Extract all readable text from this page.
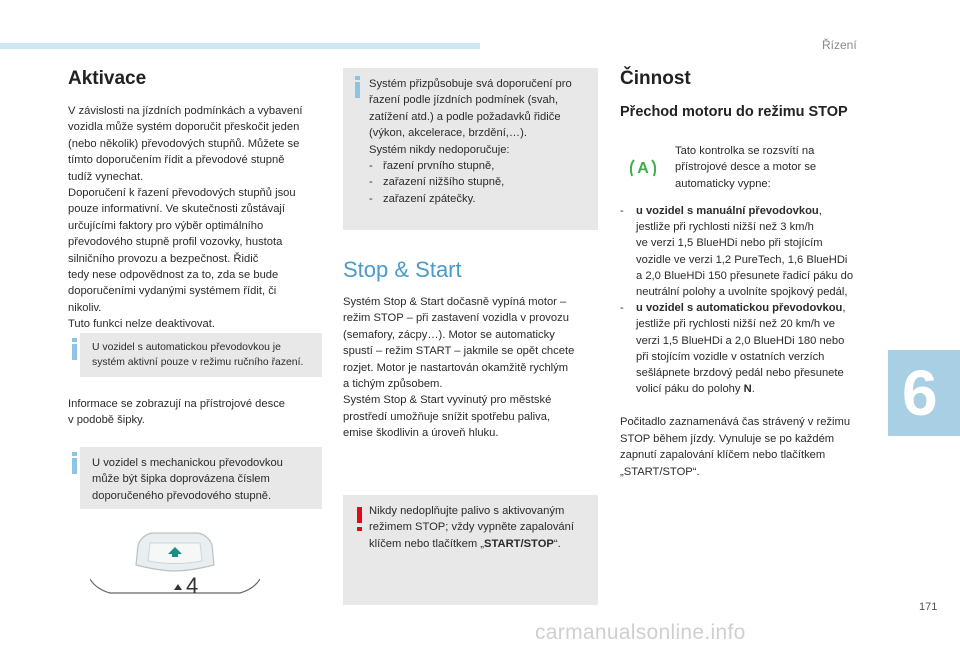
Řízení
6
Aktivace

V závislosti na jízdních podmínkách a vybavení
vozidla může systém doporučit přeskočit jeden
(nebo několik) převodových stupňů. Můžete se
tímto doporučením řídit a převodové stupně
tudíž vynechat.
Doporučení k řazení převodových stupňů jsou
pouze informativní. Ve skutečnosti zůstávají
určujícími faktory pro výběr optimálního
převodového stupně profil vozovky, hustota
silničního provozu a bezpečnost. Řidič
tedy nese odpovědnost za to, zda se bude
doporučeními vydanými systémem řídit, či
nikoliv.
Tuto funkci nelze deaktivovat.

U vozidel s automatickou převodovkou je
systém aktivní pouze v režimu ručního řazení.

Informace se zobrazují na přístrojové desce
v podobě šipky.

U vozidel s mechanickou převodovkou
může být šipka doprovázena číslem
doporučeného převodového stupně.

4

Systém přizpůsobuje svá doporučení pro
řazení podle jízdních podmínek (svah,
zatížení atd.) a podle požadavků řidiče
(výkon, akcelerace, brzdění,…).
Systém nikdy nedoporučuje:

- řazení prvního stupně,
- zařazení nižšího stupně,
- zařazení zpátečky.
Stop & Start

Systém Stop & Start dočasně vypíná motor –
režim STOP – při zastavení vozidla v provozu
(semafory, zácpy…). Motor se automaticky
spustí – režim START – jakmile se opět chcete
rozjet. Motor je nastartován okamžitě rychlým
a tichým způsobem.
Systém Stop & Start vyvinutý pro městské
prostředí umožňuje snížit spotřebu paliva,
emise škodlivin a úroveň hluku.

Nikdy nedoplňujte palivo s aktivovaným
režimem STOP; vždy vypněte zapalování
klíčem nebo tlačítkem „START/STOP“.

Činnost
Přechod motoru do režimu STOP
A

Tato kontrolka se rozsvítí na
přístrojové desce a motor se
automaticky vypne:

- u vozidel s manuální převodovkou,
jestliže při rychlosti nižší než 3 km/h
ve verzi 1,5 BlueHDi nebo při stojícím
vozidle ve verzi 1,2 PureTech, 1,6 BlueHDi
a 2,0 BlueHDi 150 přesunete řadicí páku do
neutrální polohy a uvolníte spojkový pedál,
- u vozidel s automatickou převodovkou,
jestliže při rychlosti nižší než 20 km/h ve
verzi 1,5 BlueHDi a 2,0 BlueHDi 180 nebo
při stojícím vozidle v ostatních verzích
sešlápnete brzdový pedál nebo přesunete
volicí páku do polohy N.

Počitadlo zaznamenává čas strávený v režimu
STOP během jízdy. Vynuluje se po každém
zapnutí zapalování klíčem nebo tlačítkem
„START/STOP“.

171
carmanualsonline.info
